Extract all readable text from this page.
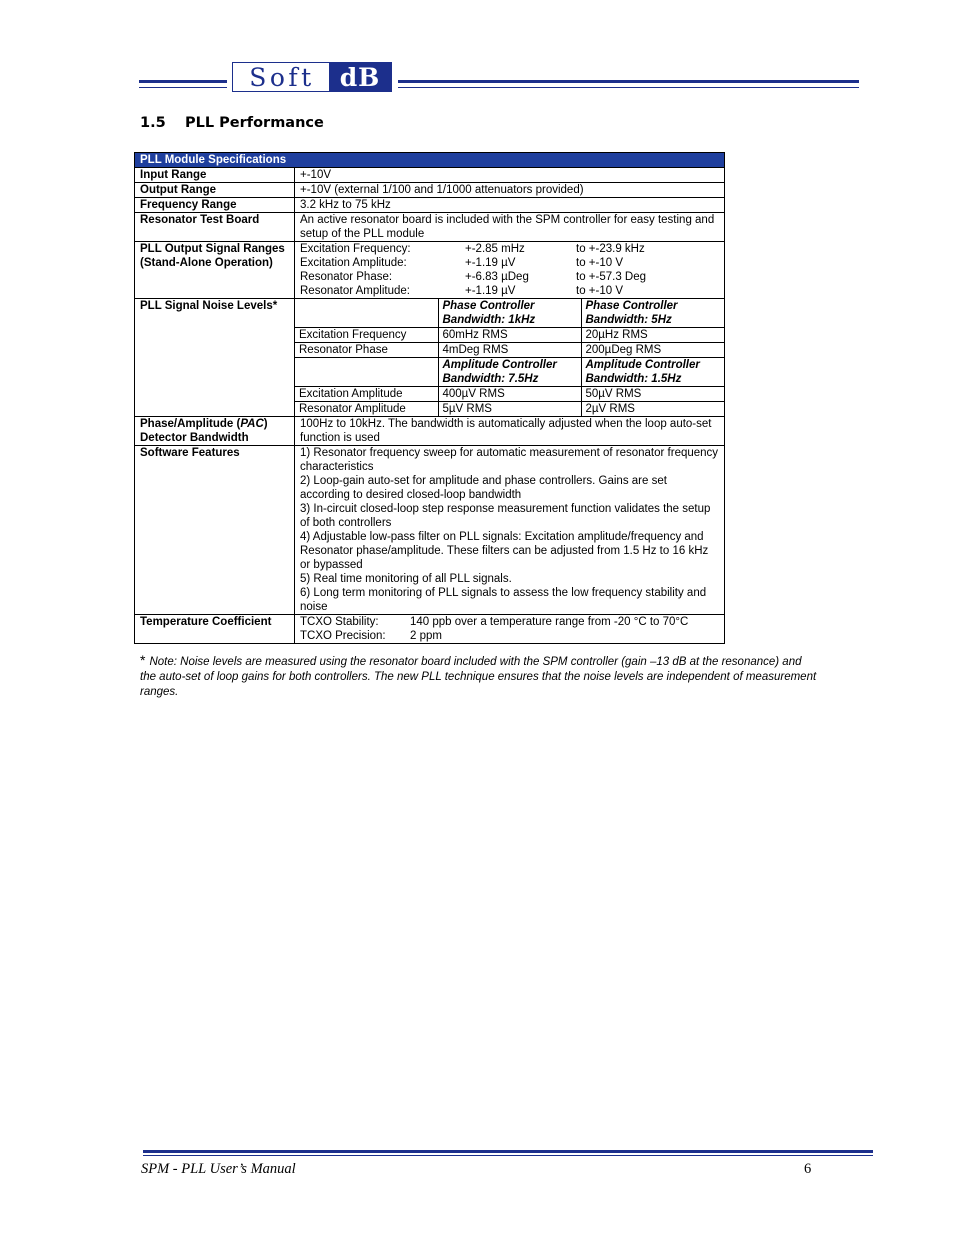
Soft dB
1.5 PLL Performance
PLL Module Specifications
Input Range	+-10V
Output Range	+-10V (external 1/100 and 1/1000 attenuators provided)
Frequency Range	3.2 kHz to 75 kHz
Resonator Test Board	An active resonator board is included with the SPM controller for easy testing and setup of the PLL module
PLL Output Signal Ranges (Stand-Alone Operation)	
Excitation Frequency:	+-2.85 mHz	to +-23.9 kHz
Excitation Amplitude:	+-1.19 µV	to +-10 V
Resonator Phase:	+-6.83 µDeg	to +-57.3 Deg
Resonator Amplitude:	+-1.19 µV	to +-10 V

PLL Signal Noise Levels*	
		Phase Controller Bandwidth: 1kHz	Phase Controller Bandwidth: 5Hz
Excitation Frequency	60mHz RMS	20µHz RMS
Resonator Phase	4mDeg RMS	200µDeg RMS
	Amplitude Controller Bandwidth: 7.5Hz	Amplitude Controller Bandwidth: 1.5Hz
Excitation Amplitude	400µV RMS	50µV RMS
Resonator Amplitude	5µV RMS	2µV RMS

Phase/Amplitude (PAC) Detector Bandwidth	100Hz to 10kHz. The bandwidth is automatically adjusted when the loop auto-set function is used
Software Features	1) Resonator frequency sweep for automatic measurement of resonator frequency characteristics
2) Loop-gain auto-set for amplitude and phase controllers. Gains are set according to desired closed-loop bandwidth
3) In-circuit closed-loop step response measurement function validates the setup of both controllers
4) Adjustable low-pass filter on PLL signals: Excitation amplitude/frequency and Resonator phase/amplitude. These filters can be adjusted from 1.5 Hz to 16 kHz or bypassed
5) Real time monitoring of all PLL signals.
6) Long term monitoring of PLL signals to assess the low frequency stability and noise

Temperature Coefficient	TCXO Stability:	140 ppb over a temperature range from -20 °C to 70°C
TCXO Precision:	2 ppm
* Note: Noise levels are measured using the resonator board included with the SPM controller (gain –13 dB at the resonance) and the auto-set of loop gains for both controllers. The new PLL technique ensures that the noise levels are independent of measurement ranges.
SPM - PLL User’s Manual	6
